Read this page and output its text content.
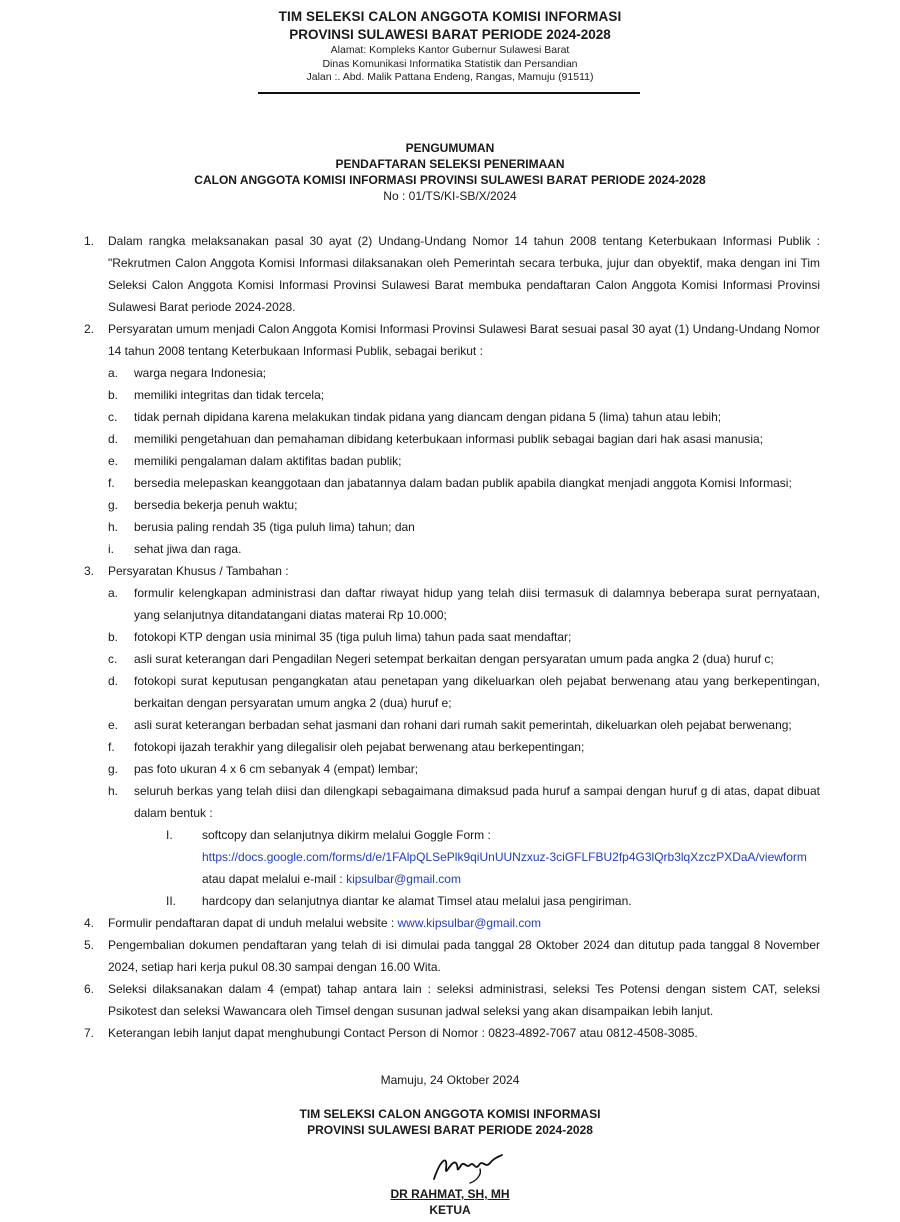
TIM SELEKSI CALON ANGGOTA KOMISI INFORMASI
PROVINSI SULAWESI BARAT PERIODE 2024-2028
Alamat: Kompleks Kantor Gubernur Sulawesi Barat
Dinas Komunikasi Informatika Statistik dan Persandian
Jalan :. Abd. Malik Pattana Endeng, Rangas, Mamuju (91511)
PENGUMUMAN
PENDAFTARAN SELEKSI PENERIMAAN
CALON ANGGOTA KOMISI INFORMASI PROVINSI SULAWESI BARAT PERIODE 2024-2028
No : 01/TS/KI-SB/X/2024
1. Dalam rangka melaksanakan pasal 30 ayat (2) Undang-Undang Nomor 14 tahun 2008 tentang Keterbukaan Informasi Publik : "Rekrutmen Calon Anggota Komisi Informasi dilaksanakan oleh Pemerintah secara terbuka, jujur dan obyektif, maka dengan ini Tim Seleksi Calon Anggota Komisi Informasi Provinsi Sulawesi Barat membuka pendaftaran Calon Anggota Komisi Informasi Provinsi Sulawesi Barat periode 2024-2028.
2. Persyaratan umum menjadi Calon Anggota Komisi Informasi Provinsi Sulawesi Barat sesuai pasal 30 ayat (1) Undang-Undang Nomor 14 tahun 2008 tentang Keterbukaan Informasi Publik, sebagai berikut :
a. warga negara Indonesia;
b. memiliki integritas dan tidak tercela;
c. tidak pernah dipidana karena melakukan tindak pidana yang diancam dengan pidana 5 (lima) tahun atau lebih;
d. memiliki pengetahuan dan pemahaman dibidang keterbukaan informasi publik sebagai bagian dari hak asasi manusia;
e. memiliki pengalaman dalam aktifitas badan publik;
f. bersedia melepaskan keanggotaan dan jabatannya dalam badan publik apabila diangkat menjadi anggota Komisi Informasi;
g. bersedia bekerja penuh waktu;
h. berusia paling rendah 35 (tiga puluh lima) tahun; dan
i. sehat jiwa dan raga.
3. Persyaratan Khusus / Tambahan :
a. formulir kelengkapan administrasi dan daftar riwayat hidup yang telah diisi termasuk di dalamnya beberapa surat pernyataan, yang selanjutnya ditandatangani diatas materai Rp 10.000;
b. fotokopi KTP dengan usia minimal 35 (tiga puluh lima) tahun pada saat mendaftar;
c. asli surat keterangan dari Pengadilan Negeri setempat berkaitan dengan persyaratan umum pada angka 2 (dua) huruf c;
d. fotokopi surat keputusan pengangkatan atau penetapan yang dikeluarkan oleh pejabat berwenang atau yang berkepentingan, berkaitan dengan persyaratan umum angka 2 (dua) huruf e;
e. asli surat keterangan berbadan sehat jasmani dan rohani dari rumah sakit pemerintah, dikeluarkan oleh pejabat berwenang;
f. fotokopi ijazah terakhir yang dilegalisir oleh pejabat berwenang atau berkepentingan;
g. pas foto ukuran 4 x 6 cm sebanyak 4 (empat) lembar;
h. seluruh berkas yang telah diisi dan dilengkapi sebagaimana dimaksud pada huruf a sampai dengan huruf g di atas, dapat dibuat dalam bentuk :
I. softcopy dan selanjutnya dikirm melalui Goggle Form :
https://docs.google.com/forms/d/e/1FAlpQLSePlk9qiUnUUNzxuz-3ciGFLFBU2fp4G3lQrb3lqXzczPXDaA/viewform
atau dapat melalui e-mail : kipsulbar@gmail.com
II. hardcopy dan selanjutnya diantar ke alamat Timsel atau melalui jasa pengiriman.
4. Formulir pendaftaran dapat di unduh melalui website : www.kipsulbar@gmail.com
5. Pengembalian dokumen pendaftaran yang telah di isi dimulai pada tanggal 28 Oktober 2024 dan ditutup pada tanggal 8 November 2024, setiap hari kerja pukul 08.30 sampai dengan 16.00 Wita.
6. Seleksi dilaksanakan dalam 4 (empat) tahap antara lain : seleksi administrasi, seleksi Tes Potensi dengan sistem CAT, seleksi Psikotest dan seleksi Wawancara oleh Timsel dengan susunan jadwal seleksi yang akan disampaikan lebih lanjut.
7. Keterangan lebih lanjut dapat menghubungi Contact Person di Nomor : 0823-4892-7067 atau 0812-4508-3085.
Mamuju, 24 Oktober 2024
TIM SELEKSI CALON ANGGOTA KOMISI INFORMASI
PROVINSI SULAWESI BARAT PERIODE 2024-2028
DR RAHMAT, SH, MH
KETUA
